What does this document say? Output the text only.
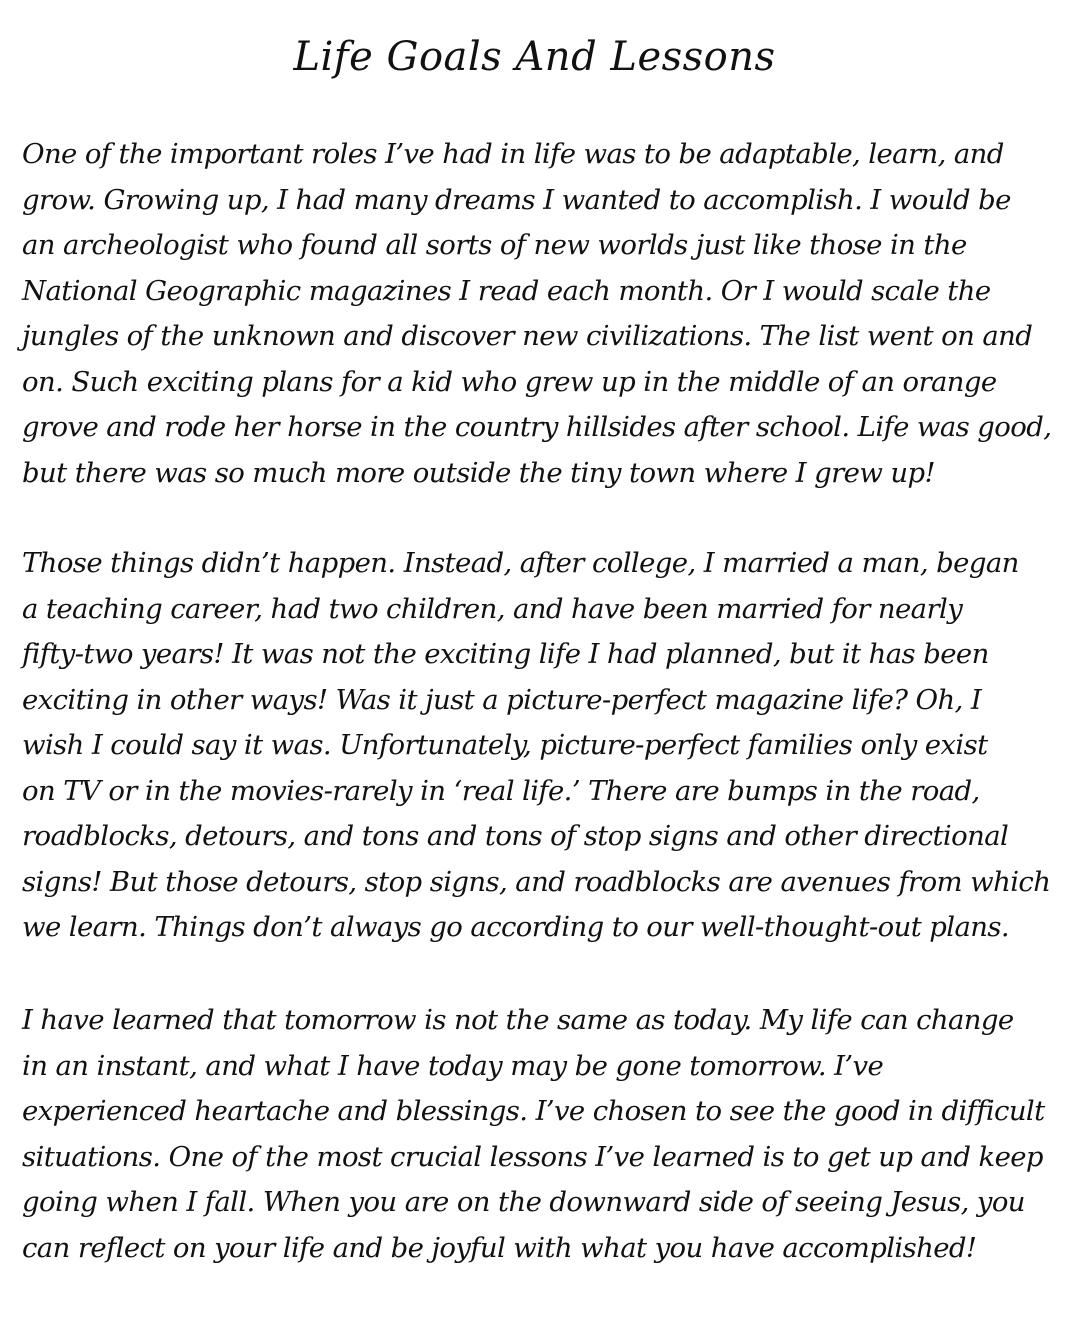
Life Goals And Lessons
One of the important roles I’ve had in life was to be adaptable, learn, and
grow. Growing up, I had many dreams I wanted to accomplish. I would be
an archeologist who found all sorts of new worlds just like those in the
National Geographic magazines I read each month. Or I would scale the
jungles of the unknown and discover new civilizations. The list went on and
on. Such exciting plans for a kid who grew up in the middle of an orange
grove and rode her horse in the country hillsides after school. Life was good,
but there was so much more outside the tiny town where I grew up!
Those things didn’t happen. Instead, after college, I married a man, began
a teaching career, had two children, and have been married for nearly
fifty-two years! It was not the exciting life I had planned, but it has been
exciting in other ways! Was it just a picture-perfect magazine life? Oh, I
wish I could say it was. Unfortunately, picture-perfect families only exist
on TV or in the movies-rarely in ‘real life.’ There are bumps in the road,
roadblocks, detours, and tons and tons of stop signs and other directional
signs! But those detours, stop signs, and roadblocks are avenues from which
we learn. Things don’t always go according to our well-thought-out plans.
I have learned that tomorrow is not the same as today. My life can change
in an instant, and what I have today may be gone tomorrow. I’ve
experienced heartache and blessings. I’ve chosen to see the good in difficult
situations. One of the most crucial lessons I’ve learned is to get up and keep
going when I fall. When you are on the downward side of seeing Jesus, you
can reflect on your life and be joyful with what you have accomplished!
